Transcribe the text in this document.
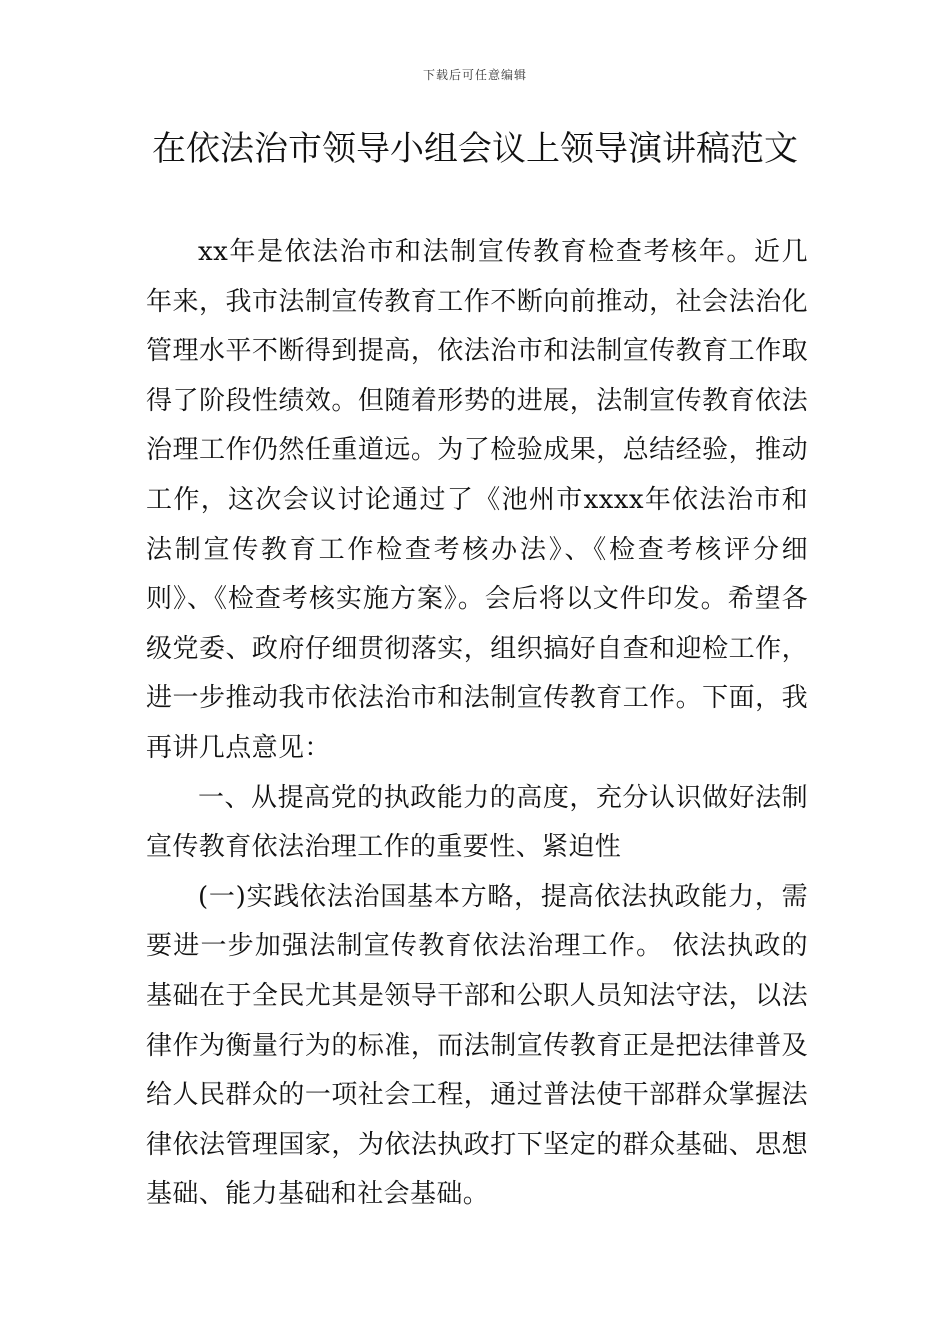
下载后可任意编辑
在依法治市领导小组会议上领导演讲稿范文

xx年是依法治市和法制宣传教育检查考核年。近几年来，我市法制宣传教育工作不断向前推动，社会法治化管理水平不断得到提高，依法治市和法制宣传教育工作取得了阶段性绩效。但随着形势的进展，法制宣传教育依法治理工作仍然任重道远。为了检验成果，总结经验，推动工作，这次会议讨论通过了《池州市xxxx年依法治市和法制宣传教育工作检查考核办法》、《检查考核评分细则》、《检查考核实施方案》。会后将以文件印发。希望各级党委、政府仔细贯彻落实，组织搞好自查和迎检工作，进一步推动我市依法治市和法制宣传教育工作。下面，我再讲几点意见：

一、从提高党的执政能力的高度，充分认识做好法制宣传教育依法治理工作的重要性、紧迫性

(一)实践依法治国基本方略，提高依法执政能力，需要进一步加强法制宣传教育依法治理工作。 依法执政的基础在于全民尤其是领导干部和公职人员知法守法，以法律作为衡量行为的标准，而法制宣传教育正是把法律普及给人民群众的一项社会工程，通过普法使干部群众掌握法律依法管理国家，为依法执政打下坚定的群众基础、思想基础、能力基础和社会基础。
